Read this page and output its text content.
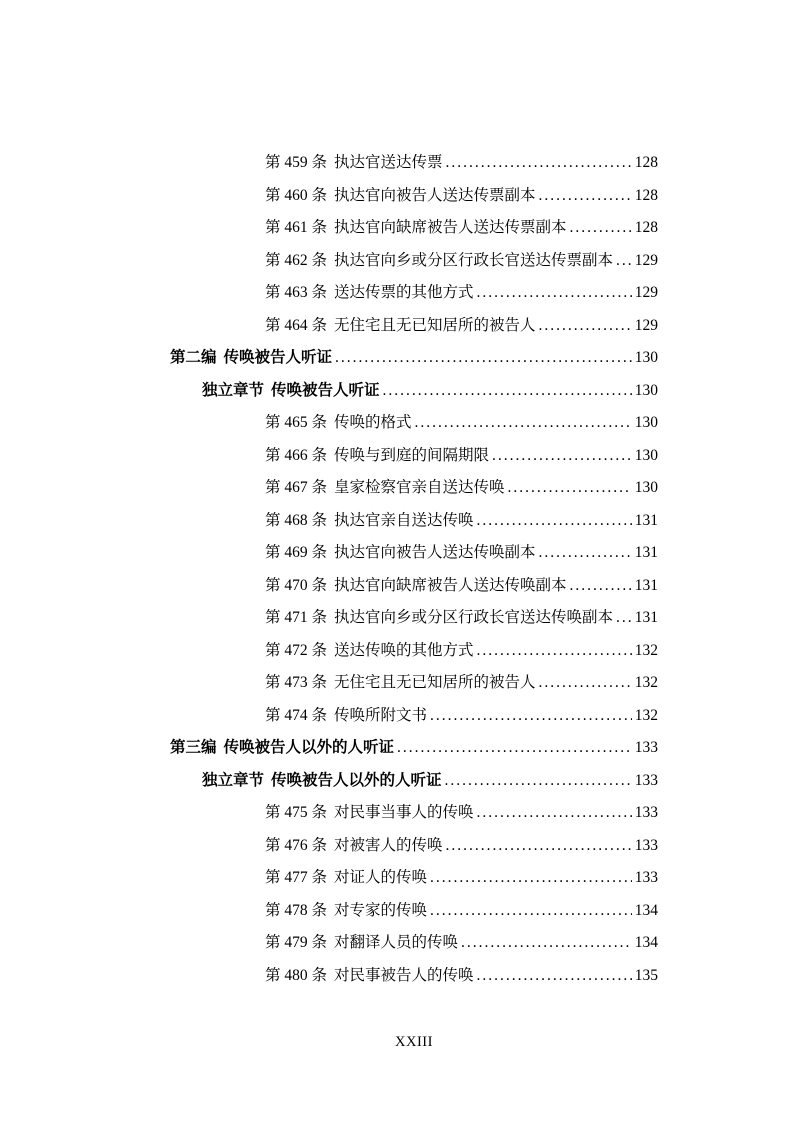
第 459 条 执达官送达传票 .....	128
第 460 条 执达官向被告人送达传票副本 .....	128
第 461 条 执达官向缺席被告人送达传票副本 .....	128
第 462 条 执达官向乡或分区行政长官送达传票副本 ..... 129
第 463 条 送达传票的其他方式 .....	129
第 464 条 无住宅且无已知居所的被告人 .....	129
第二编 传唤被告人听证 .....	130
独立章节 传唤被告人听证 .....	130
第 465 条 传唤的格式 .....	130
第 466 条 传唤与到庭的间隔期限 .....	130
第 467 条 皇家检察官亲自送达传唤 .....	130
第 468 条 执达官亲自送达传唤 .....	131
第 469 条 执达官向被告人送达传唤副本 .....	131
第 470 条 执达官向缺席被告人送达传唤副本 .....	131
第 471 条 执达官向乡或分区行政长官送达传唤副本 ..... 131
第 472 条 送达传唤的其他方式 .....	132
第 473 条 无住宅且无已知居所的被告人 .....	132
第 474 条 传唤所附文书 .....	132
第三编 传唤被告人以外的人听证 .....	133
独立章节 传唤被告人以外的人听证 .....	133
第 475 条 对民事当事人的传唤 .....	133
第 476 条 对被害人的传唤 .....	133
第 477 条 对证人的传唤 .....	133
第 478 条 对专家的传唤 .....	134
第 479 条 对翻译人员的传唤 .....	134
第 480 条 对民事被告人的传唤 .....	135
XXIII
